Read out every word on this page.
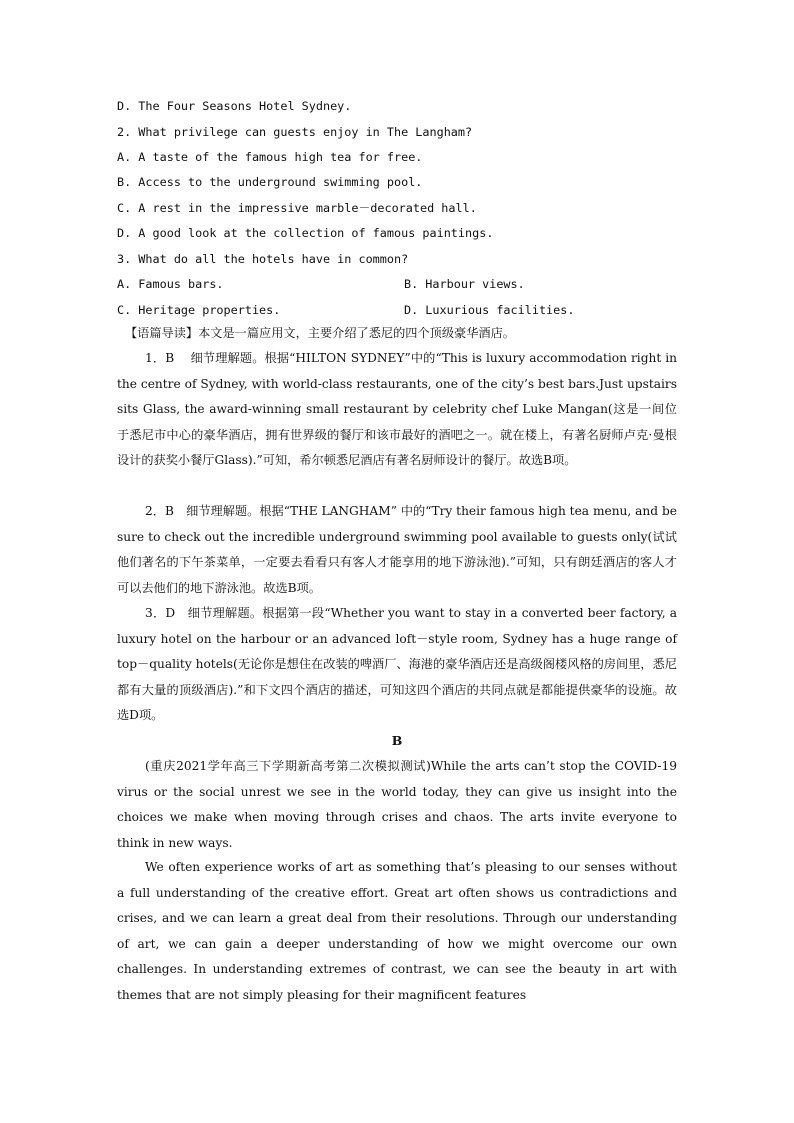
D. The Four Seasons Hotel Sydney.
2. What privilege can guests enjoy in The Langham?
A. A taste of the famous high tea for free.
B. Access to the underground swimming pool.
C. A rest in the impressive marble－decorated hall.
D. A good look at the collection of famous paintings.
3. What do all the hotels have in common?
A. Famous bars.	B. Harbour views.
C. Heritage properties.	D. Luxurious facilities.

【语篇导读】本文是一篇应用文，主要介绍了悉尼的四个顶级豪华酒店。

1．B　 细节理解题。根据“HILTON SYDNEY”中的“This is luxury accommodation right in the centre of Sydney, with world-class restaurants, one of the city’s best bars.Just upstairs sits Glass, the award-winning small restaurant by celebrity chef Luke Mangan(这是一间位于悉尼市中心的豪华酒店，拥有世界级的餐厅和该市最好的酒吧之一。就在楼上，有著名厨师卢克·曼根设计的获奖小餐厅Glass).”可知，希尔顿悉尼酒店有著名厨师设计的餐厅。故选B项。

2．B　细节理解题。根据“THE LANGHAM” 中的“Try their famous high tea menu, and be sure to check out the incredible underground swimming pool available to guests only(试试他们著名的下午茶菜单，一定要去看看只有客人才能享用的地下游泳池).”可知，只有朗廷酒店的客人才可以去他们的地下游泳池。故选B项。

3．D　细节理解题。根据第一段“Whether you want to stay in a converted beer factory, a luxury hotel on the harbour or an advanced loft－style room, Sydney has a huge range of top－quality hotels(无论你是想住在改装的啤酒厂、海港的豪华酒店还是高级阁楼风格的房间里，悉尼都有大量的顶级酒店).”和下文四个酒店的描述，可知这四个酒店的共同点就是都能提供豪华的设施。故选D项。

B

(重庆2021学年高三下学期新高考第二次模拟测试)While the arts can’t stop the COVID-19 virus or the social unrest we see in the world today, they can give us insight into the choices we make when moving through crises and chaos. The arts invite everyone to think in new ways.

We often experience works of art as something that’s pleasing to our senses without a full understanding of the creative effort. Great art often shows us contradictions and crises, and we can learn a great deal from their resolutions. Through our understanding of art, we can gain a deeper understanding of how we might overcome our own challenges. In understanding extremes of contrast, we can see the beauty in art with themes that are not simply pleasing for their magnificent features
